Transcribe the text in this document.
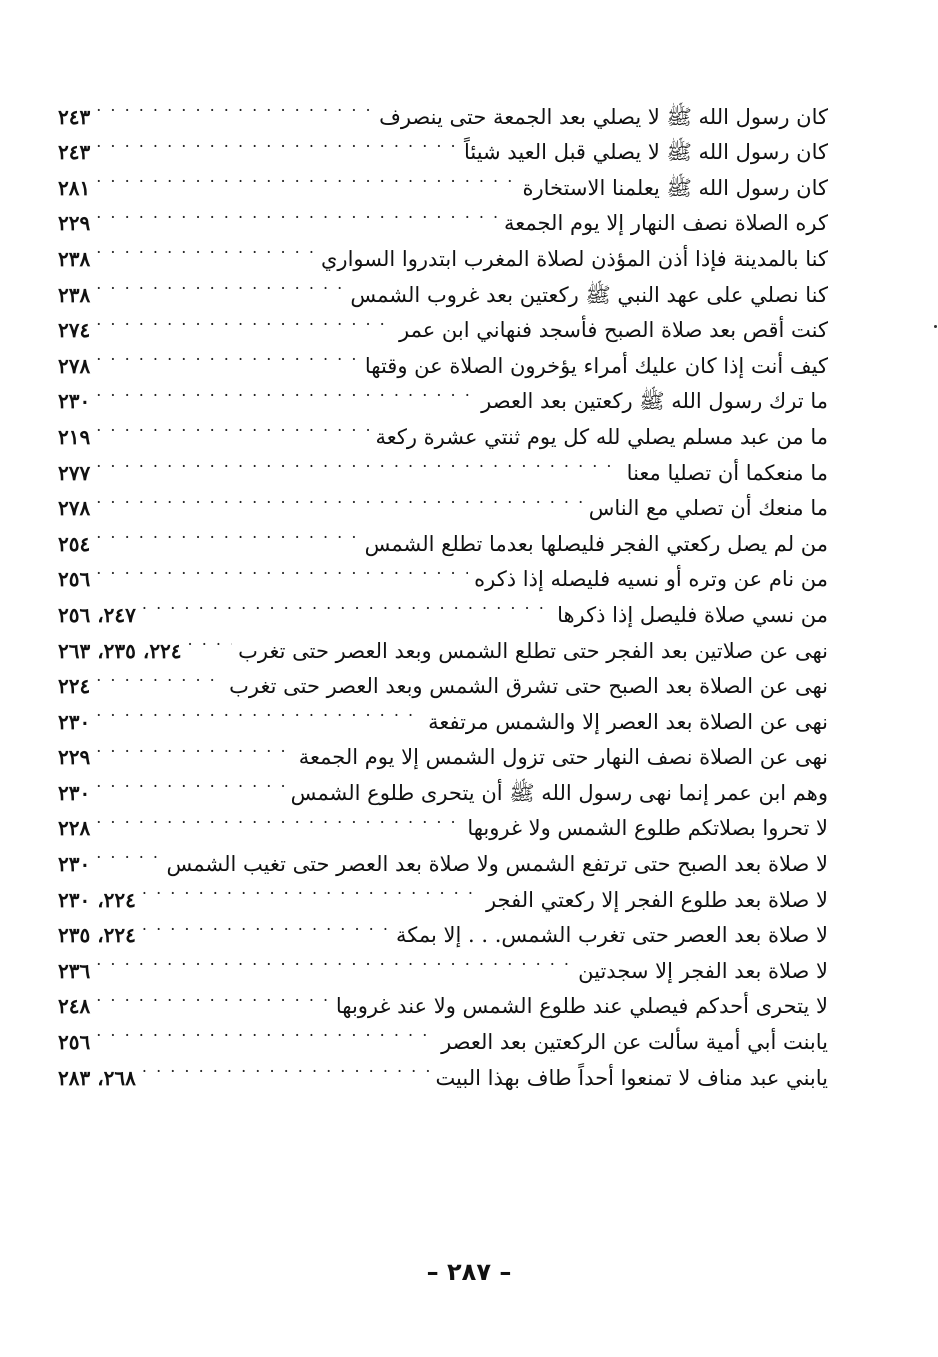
كان رسول الله ﷺ لا يصلي بعد الجمعة حتى ينصرف
. . .
٢٤٣
كان رسول الله ﷺ لا يصلي قبل العيد شيئاً
. . .
٢٤٣
كان رسول الله ﷺ يعلمنا الاستخارة
. . .
٢٨١
كره الصلاة نصف النهار إلا يوم الجمعة
. . .
٢٢٩
كنا بالمدينة فإذا أذن المؤذن لصلاة المغرب ابتدروا السواري
. . .
٢٣٨
كنا نصلي على عهد النبي ﷺ ركعتين بعد غروب الشمس
. . .
٢٣٨
كنت أقص بعد صلاة الصبح فأسجد فنهاني ابن عمر
. . .
٢٧٤
كيف أنت إذا كان عليك أمراء يؤخرون الصلاة عن وقتها
. . .
٢٧٨
ما ترك رسول الله ﷺ ركعتين بعد العصر
. . .
٢٣٠
ما من عبد مسلم يصلي لله كل يوم ثنتي عشرة ركعة
. . .
٢١٩
ما منعكما أن تصليا معنا
. . .
٢٧٧
ما منعك أن تصلي مع الناس
. . .
٢٧٨
من لم يصل ركعتي الفجر فليصلها بعدما تطلع الشمس
. . .
٢٥٤
من نام عن وتره أو نسيه فليصله إذا ذكره
. . .
٢٥٦
من نسي صلاة فليصل إذا ذكرها
. . .
٢٤٧، ٢٥٦
نهى عن صلاتين بعد الفجر حتى تطلع الشمس وبعد العصر حتى تغرب
. . .
٢٢٤، ٢٣٥، ٢٦٣
نهى عن الصلاة بعد الصبح حتى تشرق الشمس وبعد العصر حتى تغرب
. . .
٢٢٤
نهى عن الصلاة بعد العصر إلا والشمس مرتفعة
. . .
٢٣٠
نهى عن الصلاة نصف النهار حتى تزول الشمس إلا يوم الجمعة
. . .
٢٢٩
وهم ابن عمر إنما نهى رسول الله ﷺ أن يتحرى طلوع الشمس
. . .
٢٣٠
لا تحروا بصلاتكم طلوع الشمس ولا غروبها
. . .
٢٢٨
لا صلاة بعد الصبح حتى ترتفع الشمس ولا صلاة بعد العصر حتى تغيب الشمس
. . .
٢٣٠
لا صلاة بعد طلوع الفجر إلا ركعتي الفجر
. . .
٢٢٤، ٢٣٠
لا صلاة بعد العصر حتى تغرب الشمس. . . إلا بمكة
. . .
٢٢٤، ٢٣٥
لا صلاة بعد الفجر إلا سجدتين
. . .
٢٣٦
لا يتحرى أحدكم فيصلي عند طلوع الشمس ولا عند غروبها
. . .
٢٤٨
يابنت أبي أمية سألت عن الركعتين بعد العصر
. . .
٢٥٦
يابني عبد مناف لا تمنعوا أحداً طاف بهذا البيت
. . .
٢٦٨، ٢٨٣
– ٢٨٧ –
